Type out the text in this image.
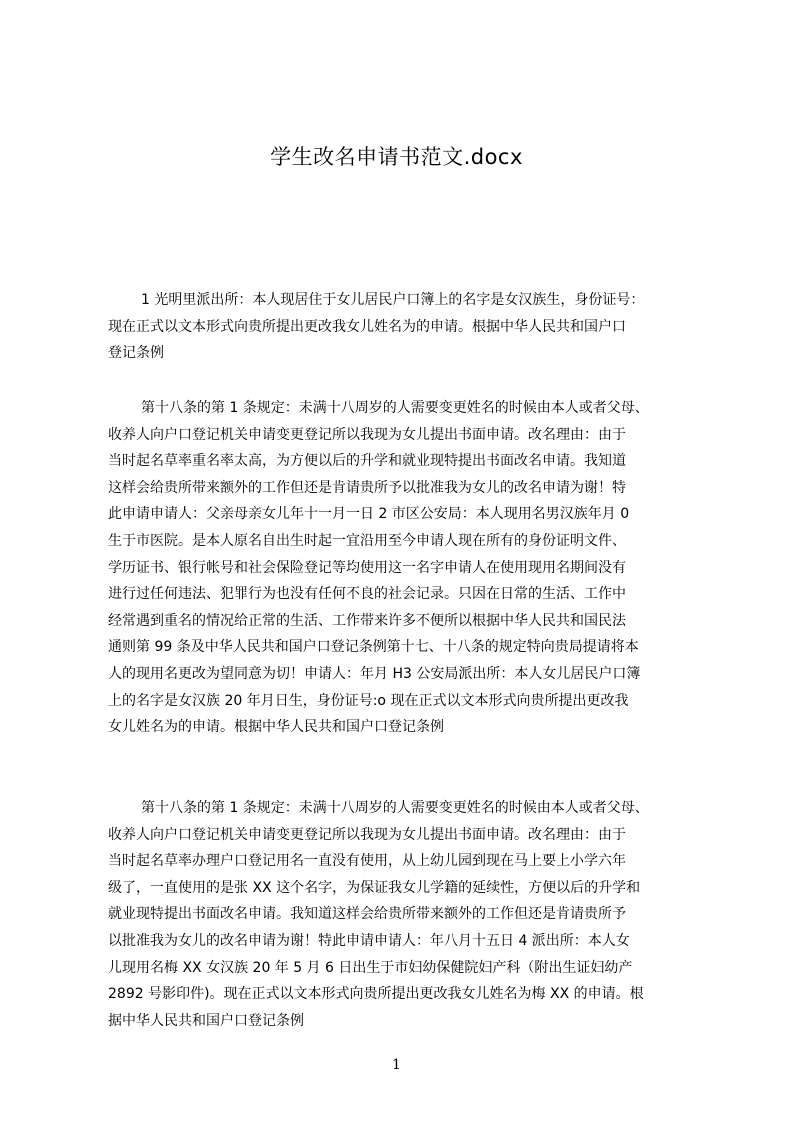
学生改名申请书范文.docx
1 光明里派出所：本人现居住于女儿居民户口簿上的名字是女汉族生，身份证号：
现在正式以文本形式向贵所提出更改我女儿姓名为的申请。根据中华人民共和国户口
登记条例
第十八条的第 1 条规定：未满十八周岁的人需要变更姓名的时候由本人或者父母、
收养人向户口登记机关申请变更登记所以我现为女儿提出书面申请。改名理由：由于
当时起名草率重名率太高，为方便以后的升学和就业现特提出书面改名申请。我知道
这样会给贵所带来额外的工作但还是肯请贵所予以批准我为女儿的改名申请为谢！特
此申请申请人：父亲母亲女儿年十一月一日 2 市区公安局：本人现用名男汉族年月 0
生于市医院。是本人原名自出生时起一宜沿用至今申请人现在所有的身份证明文件、
学历证书、银行帐号和社会保险登记等均使用这一名字申请人在使用现用名期间没有
进行过任何违法、犯罪行为也没有任何不良的社会记录。只因在日常的生活、工作中
经常遇到重名的情况给正常的生活、工作带来许多不便所以根据中华人民共和国民法
通则第 99 条及中华人民共和国户口登记条例第十七、十八条的规定特向贵局提请将本
人的现用名更改为望同意为切！申请人：年月 H3 公安局派出所：本人女儿居民户口簿
上的名字是女汉族 20 年月日生，身份证号:o 现在正式以文本形式向贵所提出更改我
女儿姓名为的申请。根据中华人民共和国户口登记条例
第十八条的第 1 条规定：未满十八周岁的人需要变更姓名的时候由本人或者父母、
收养人向户口登记机关申请变更登记所以我现为女儿提出书面申请。改名理由：由于
当时起名草率办理户口登记用名一直没有使用，从上幼儿园到现在马上要上小学六年
级了，一直使用的是张 XX 这个名字，为保证我女儿学籍的延续性，方便以后的升学和
就业现特提出书面改名申请。我知道这样会给贵所带来额外的工作但还是肯请贵所予
以批准我为女儿的改名申请为谢！特此申请申请人：年八月十五日 4 派出所：本人女
儿现用名梅 XX 女汉族 20 年 5 月 6 日出生于市妇幼保健院妇产科（附出生证妇幼产
2892 号影印件)。现在正式以文本形式向贵所提出更改我女儿姓名为梅 XX 的申请。根
据中华人民共和国户口登记条例
1
